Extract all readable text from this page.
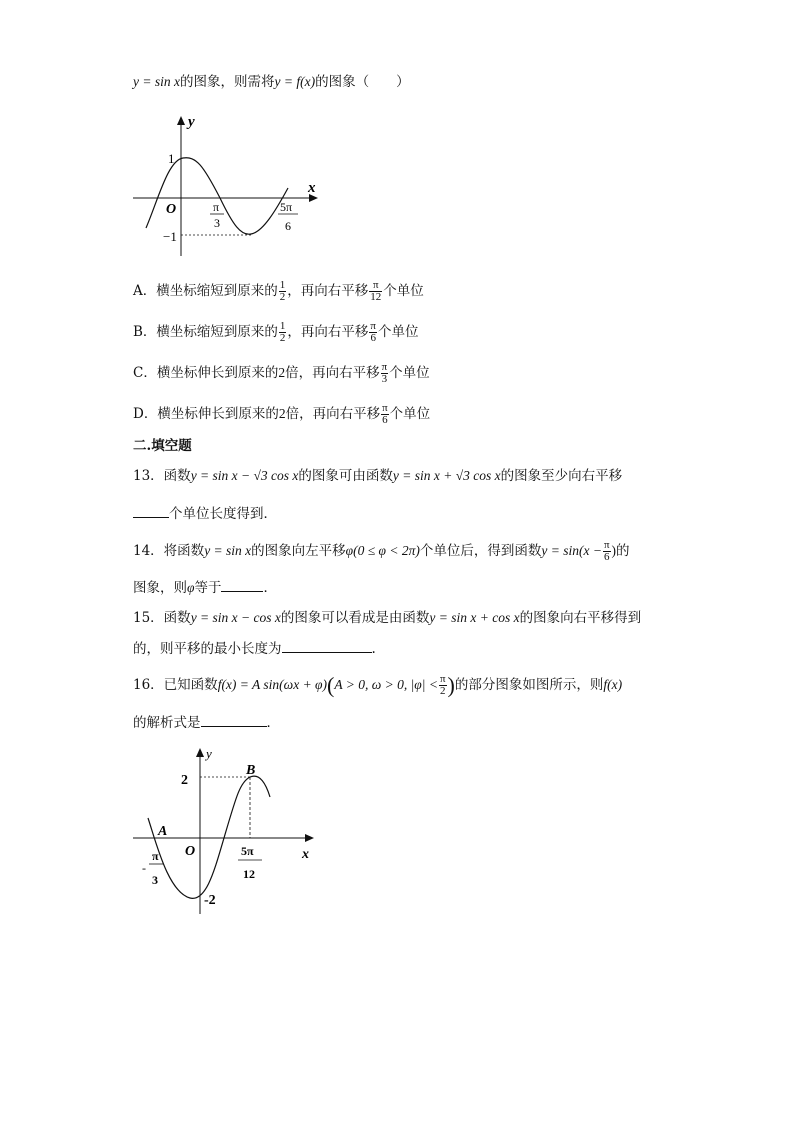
y = sin x的图象，则需将y = f(x)的图象（　　）
y
x
O
1
−1
π
3
5π
6
A．横坐标缩短到原来的 $\frac{1}{2}$ ，再向右平移 $\frac{\pi}{12}$ 个单位
B．横坐标缩短到原来的 $\frac{1}{2}$ ，再向右平移 $\frac{\pi}{6}$ 个单位
C．横坐标伸长到原来的2倍，再向右平移 $\frac{\pi}{3}$ 个单位
D．横坐标伸长到原来的2倍，再向右平移 $\frac{\pi}{6}$ 个单位
二.填空题
13．函数y = sin x − √3 cos x的图象可由函数y = sin x + √3 cos x的图象至少向右平移
个单位长度得到．
14．将函数y = sin x的图象向左平移φ(0 ≤ φ < 2π)个单位后，得到函数$y = \sin(x - \frac{\pi}{6}$ )的
图象，则φ等于	．
15．函数y = sin x − cos x的图象可以看成是由函数y = sin x + cos x的图象向右平移得到
的，则平移的最小长度为	.
16．已知函数f(x) = A sin(ωx + φ)(A > 0, ω > 0, $|\varphi| < \frac{\pi}{2}$ )的部分图象如图所示，则f(x)
的解析式是	．
y
x
O
2
-2
A
B
-
π
3
5π
12
